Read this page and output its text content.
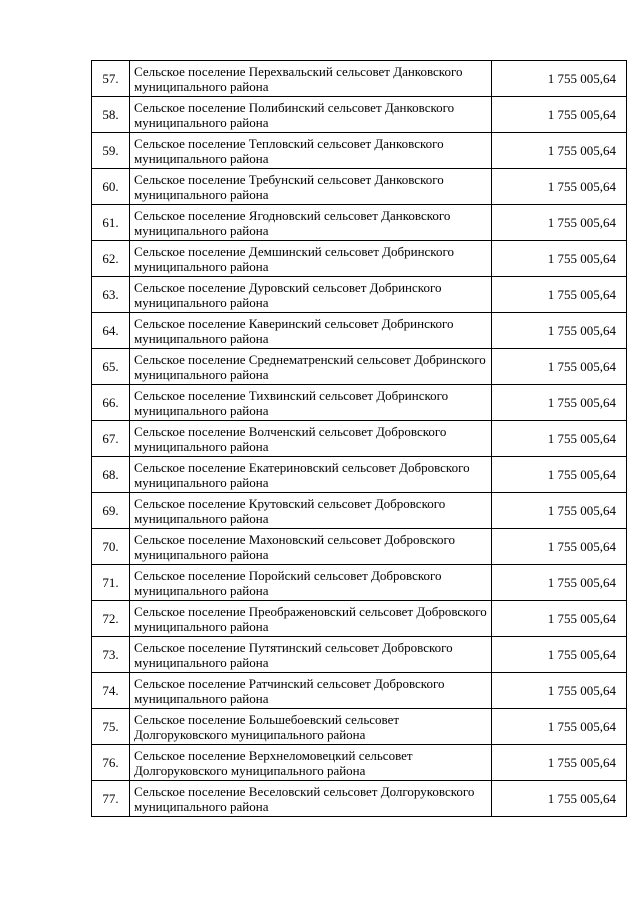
57.	Сельское поселение Перехвальский сельсовет Данковского муниципального района	1 755 005,64
58.	Сельское поселение Полибинский сельсовет Данковского муниципального района	1 755 005,64
59.	Сельское поселение Тепловский сельсовет Данковского муниципального района	1 755 005,64
60.	Сельское поселение Требунский сельсовет Данковского муниципального района	1 755 005,64
61.	Сельское поселение Ягодновский сельсовет Данковского муниципального района	1 755 005,64
62.	Сельское поселение Демшинский сельсовет Добринского муниципального района	1 755 005,64
63.	Сельское поселение Дуровский сельсовет Добринского муниципального района	1 755 005,64
64.	Сельское поселение Каверинский сельсовет Добринского муниципального района	1 755 005,64
65.	Сельское поселение Среднематренский сельсовет Добринского муниципального района	1 755 005,64
66.	Сельское поселение Тихвинский сельсовет Добринского муниципального района	1 755 005,64
67.	Сельское поселение Волченский сельсовет Добровского муниципального района	1 755 005,64
68.	Сельское поселение Екатериновский сельсовет Добровского муниципального района	1 755 005,64
69.	Сельское поселение Крутовский сельсовет Добровского муниципального района	1 755 005,64
70.	Сельское поселение Махоновский сельсовет Добровского муниципального района	1 755 005,64
71.	Сельское поселение Поройский сельсовет Добровского муниципального района	1 755 005,64
72.	Сельское поселение Преображеновский сельсовет Добровского муниципального района	1 755 005,64
73.	Сельское поселение Путятинский сельсовет Добровского муниципального района	1 755 005,64
74.	Сельское поселение Ратчинский сельсовет Добровского муниципального района	1 755 005,64
75.	Сельское поселение Большебоевский сельсовет Долгоруковского муниципального района	1 755 005,64
76.	Сельское поселение Верхнеломовецкий сельсовет Долгоруковского муниципального района	1 755 005,64
77.	Сельское поселение Веселовский сельсовет Долгоруковского муниципального района	1 755 005,64
